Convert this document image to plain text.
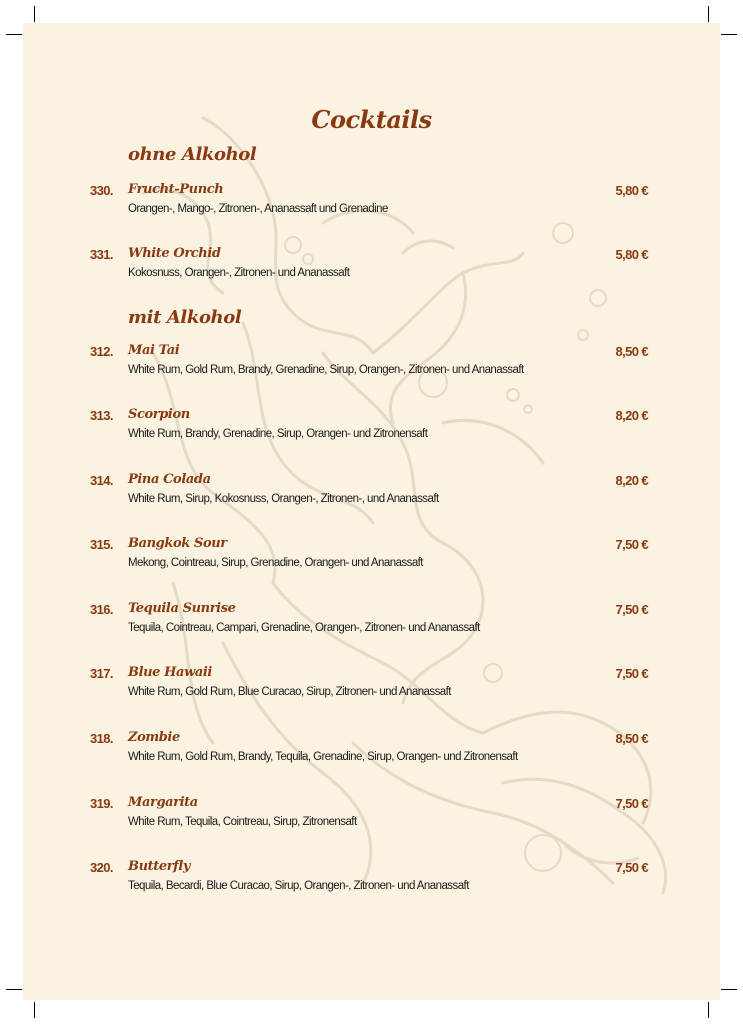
Cocktails
ohne Alkohol
330. Frucht-Punch	5,80 €
Orangen-, Mango-, Zitronen-, Ananassaft und Grenadine
331. White Orchid	5,80 €
Kokosnuss, Orangen-, Zitronen- und Ananassaft
mit Alkohol
312. Mai Tai	8,50 €
White Rum, Gold Rum, Brandy, Grenadine, Sirup, Orangen-, Zitronen- und Ananassaft
313. Scorpion	8,20 €
White Rum, Brandy, Grenadine, Sirup, Orangen- und Zitronensaft
314. Pina Colada	8,20 €
White Rum, Sirup, Kokosnuss, Orangen-, Zitronen-, und Ananassaft
315. Bangkok Sour	7,50 €
Mekong, Cointreau, Sirup, Grenadine, Orangen- und Ananassaft
316. Tequila Sunrise	7,50 €
Tequila, Cointreau, Campari, Grenadine, Orangen-, Zitronen- und Ananassaft
317. Blue Hawaii	7,50 €
White Rum, Gold Rum, Blue Curacao, Sirup, Zitronen- und Ananassaft
318. Zombie	8,50 €
White Rum, Gold Rum, Brandy, Tequila, Grenadine, Sirup, Orangen- und Zitronensaft
319. Margarita	7,50 €
White Rum, Tequila, Cointreau, Sirup, Zitronensaft
320. Butterfly	7,50 €
Tequila, Becardi, Blue Curacao, Sirup, Orangen-, Zitronen- und Ananassaft
